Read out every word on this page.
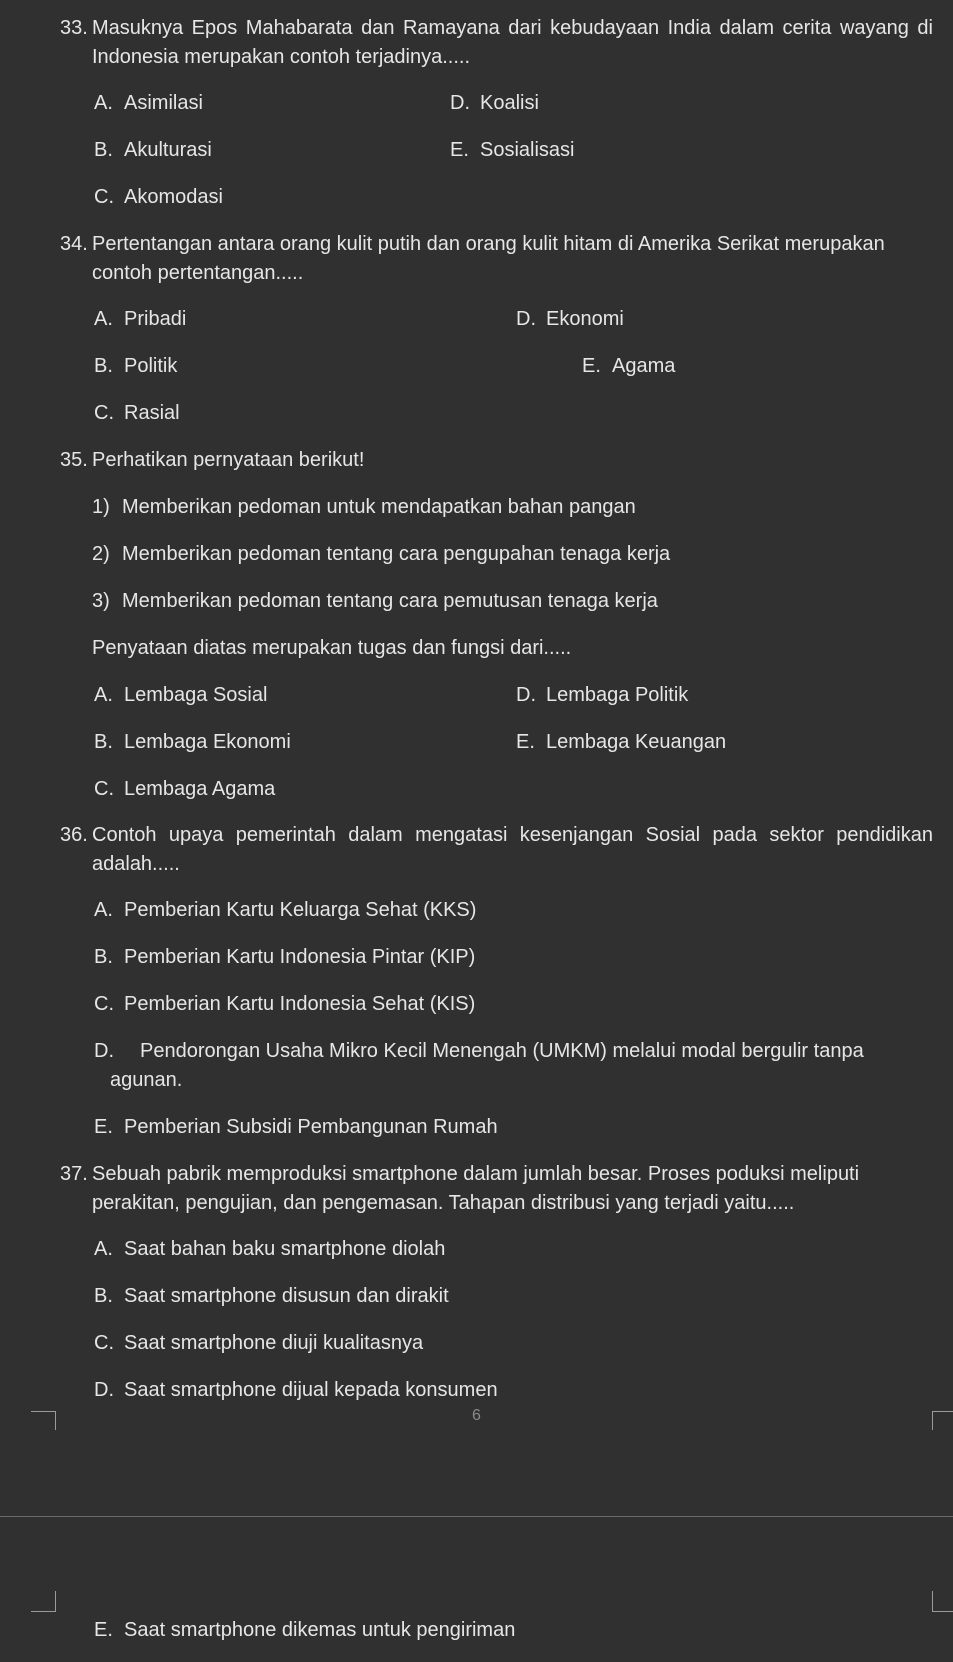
33. Masuknya Epos Mahabarata dan Ramayana dari kebudayaan India dalam cerita wayang di Indonesia merupakan contoh terjadinya.....
A. Asimilasi	D. Koalisi
B. Akulturasi	E. Sosialisasi
C. Akomodasi
34. Pertentangan antara orang kulit putih dan orang kulit hitam di Amerika Serikat merupakan contoh pertentangan.....
A. Pribadi	D. Ekonomi
B. Politik	E. Agama
C. Rasial
35. Perhatikan pernyataan berikut!
1) Memberikan pedoman untuk mendapatkan bahan pangan
2) Memberikan pedoman tentang cara pengupahan tenaga kerja
3) Memberikan pedoman tentang cara pemutusan tenaga kerja
Penyataan diatas merupakan tugas dan fungsi dari.....
A. Lembaga Sosial	D. Lembaga Politik
B. Lembaga Ekonomi	E. Lembaga Keuangan
C. Lembaga Agama
36. Contoh upaya pemerintah dalam mengatasi kesenjangan Sosial pada sektor pendidikan adalah.....
A. Pemberian Kartu Keluarga Sehat (KKS)
B. Pemberian Kartu Indonesia Pintar (KIP)
C. Pemberian Kartu Indonesia Sehat (KIS)
D.	Pendorongan Usaha Mikro Kecil Menengah (UMKM) melalui modal bergulir tanpa agunan.
E. Pemberian Subsidi Pembangunan Rumah
37. Sebuah pabrik memproduksi smartphone dalam jumlah besar. Proses poduksi meliputi perakitan, pengujian, dan pengemasan. Tahapan distribusi yang terjadi yaitu.....
A. Saat bahan baku smartphone diolah
B. Saat smartphone disusun dan dirakit
C. Saat smartphone diuji kualitasnya
D. Saat smartphone dijual kepada konsumen
6
E. Saat smartphone dikemas untuk pengiriman
